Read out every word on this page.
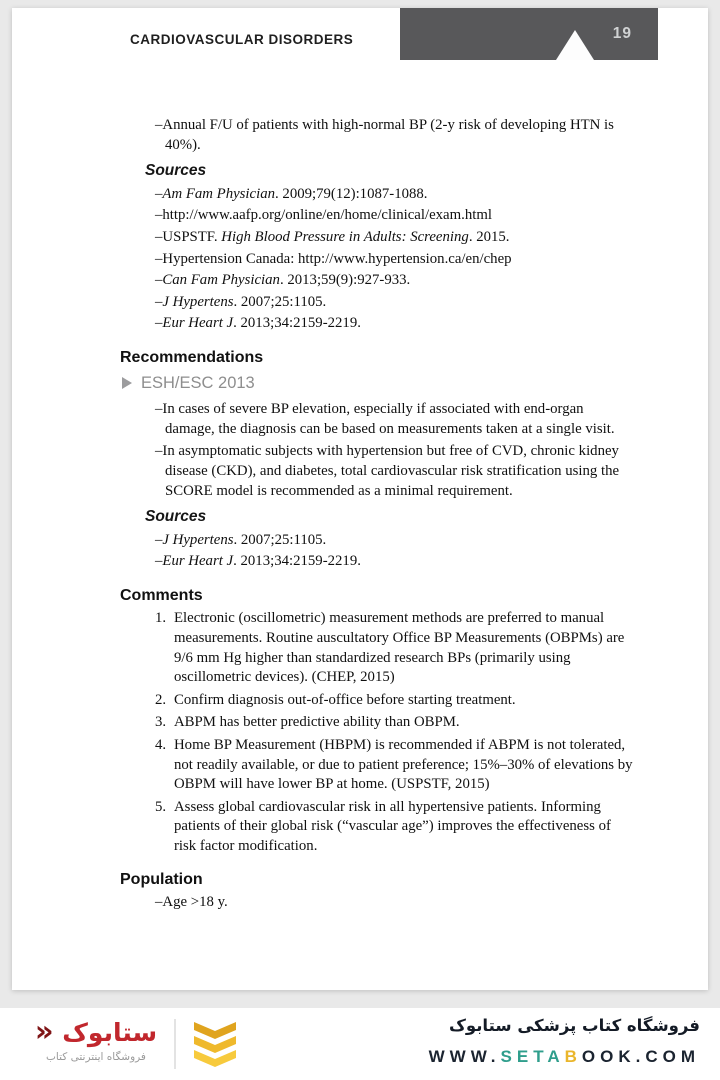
CARDIOVASCULAR DISORDERS	19

–Annual F/U of patients with high-normal BP (2-y risk of developing HTN is 40%).

Sources

–Am Fam Physician. 2009;79(12):1087-1088.

–http://www.aafp.org/online/en/home/clinical/exam.html

–USPSTF. High Blood Pressure in Adults: Screening. 2015.

–Hypertension Canada: http://www.hypertension.ca/en/chep

–Can Fam Physician. 2013;59(9):927-933.

–J Hypertens. 2007;25:1105.

–Eur Heart J. 2013;34:2159-2219.

Recommendations
ESH/ESC 2013

–In cases of severe BP elevation, especially if associated with end-organ damage, the diagnosis can be based on measurements taken at a single visit.

–In asymptomatic subjects with hypertension but free of CVD, chronic kidney disease (CKD), and diabetes, total cardiovascular risk stratification using the SCORE model is recommended as a minimal requirement.

Sources

–J Hypertens. 2007;25:1105.

–Eur Heart J. 2013;34:2159-2219.

Comments
1. Electronic (oscillometric) measurement methods are preferred to manual measurements. Routine auscultatory Office BP Measurements (OBPMs) are 9/6 mm Hg higher than standardized research BPs (primarily using oscillometric devices). (CHEP, 2015)
2. Confirm diagnosis out-of-office before starting treatment.
3. ABPM has better predictive ability than OBPM.
4. Home BP Measurement (HBPM) is recommended if ABPM is not tolerated, not readily available, or due to patient preference; 15%–30% of elevations by OBPM will have lower BP at home. (USPSTF, 2015)
5. Assess global cardiovascular risk in all hypertensive patients. Informing patients of their global risk (“vascular age”) improves the effectiveness of risk factor modification.
Population

–Age >18 y.

ستابوک «
فروشگاه اینترنتی کتاب
فروشگاه کتاب پزشکی ستابوک
WWW.SETABOOK.COM
